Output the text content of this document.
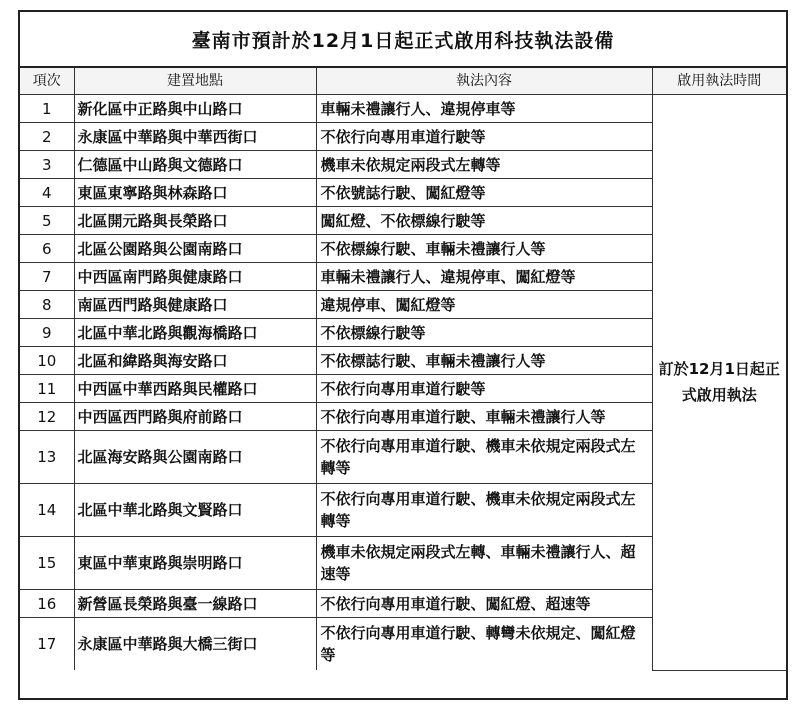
臺南市預計於12月1日起正式啟用科技執法設備
項次	建置地點	執法內容	啟用執法時間
1	新化區中正路與中山路口	車輛未禮讓行人、違規停車等	訂於12月1日起正式啟用執法
2	永康區中華路與中華西街口	不依行向專用車道行駛等	
3	仁德區中山路與文德路口	機車未依規定兩段式左轉等	
4	東區東寧路與林森路口	不依號誌行駛、闖紅燈等	
5	北區開元路與長榮路口	闖紅燈、不依標線行駛等	
6	北區公園路與公園南路口	不依標線行駛、車輛未禮讓行人等	
7	中西區南門路與健康路口	車輛未禮讓行人、違規停車、闖紅燈等	
8	南區西門路與健康路口	違規停車、闖紅燈等	
9	北區中華北路與觀海橋路口	不依標線行駛等	
10	北區和緯路與海安路口	不依標誌行駛、車輛未禮讓行人等	
11	中西區中華西路與民權路口	不依行向專用車道行駛等	
12	中西區西門路與府前路口	不依行向專用車道行駛、車輛未禮讓行人等	
13	北區海安路與公園南路口	不依行向專用車道行駛、機車未依規定兩段式左轉等	
14	北區中華北路與文賢路口	不依行向專用車道行駛、機車未依規定兩段式左轉等	
15	東區中華東路與崇明路口	機車未依規定兩段式左轉、車輛未禮讓行人、超速等	
16	新營區長榮路與臺一線路口	不依行向專用車道行駛、闖紅燈、超速等	
17	永康區中華路與大橋三街口	不依行向專用車道行駛、轉彎未依規定、闖紅燈等	
